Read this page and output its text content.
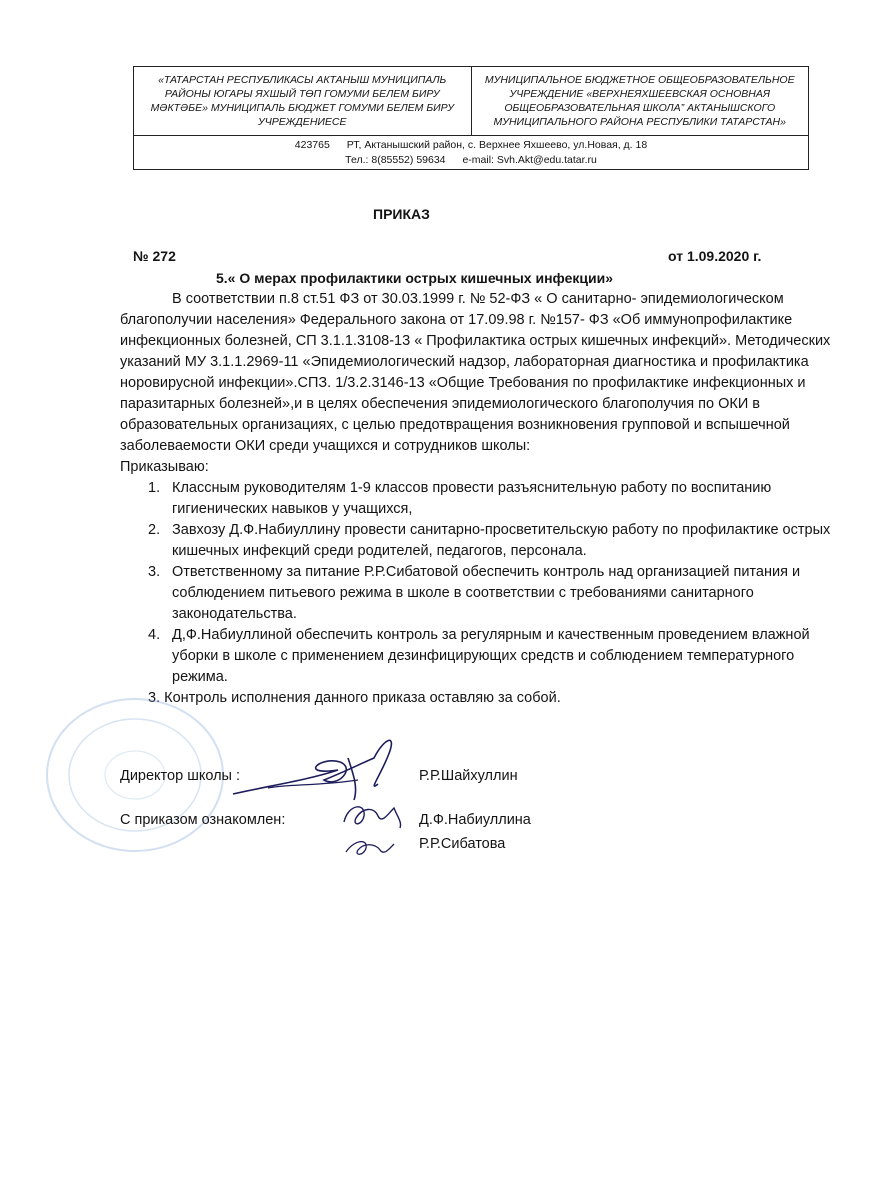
«ТАТАРСТАН РЕСПУБЛИКАСЫ АКТАНЫШ МУНИЦИПАЛЬ РАЙОНЫ ЮГАРЫ ЯХШЫЙ ТӨП ГОМУМИ БЕЛЕМ БИРУ МӘКТӘБЕ» МУНИЦИПАЛЬ БЮДЖЕТ ГОМУМИ БЕЛЕМ БИРУ УЧРЕЖДЕНИЕСЕ
МУНИЦИПАЛЬНОЕ БЮДЖЕТНОЕ ОБЩЕОБРАЗОВАТЕЛЬНОЕ УЧРЕЖДЕНИЕ «ВЕРХНЕЯХШЕЕВСКАЯ ОСНОВНАЯ ОБЩЕОБРАЗОВАТЕЛЬНАЯ ШКОЛА” АКТАНЫШСКОГО МУНИЦИПАЛЬНОГО РАЙОНА РЕСПУБЛИКИ ТАТАРСТАН»
423765 РТ, Актанышский район, с. Верхнее Яхшеево, ул.Новая, д. 18
Тел.: 8(85552) 59634 e-mail: Svh.Akt@edu.tatar.ru
ПРИКАЗ
№ 272	от 1.09.2020 г.
5.« О мерах профилактики острых кишечных инфекции»

В соответствии п.8 ст.51 ФЗ от 30.03.1999 г. № 52-ФЗ « О санитарно- эпидемиологическом благополучии населения» Федерального закона от 17.09.98 г. №157- ФЗ «Об иммунопрофилактике инфекционных болезней, СП 3.1.1.3108-13 « Профилактика острых кишечных инфекций». Методических указаний МУ 3.1.1.2969-11 «Эпидемиологический надзор, лабораторная диагностика и профилактика норовирусной инфекции».СПЗ. 1/3.2.3146-13 «Общие Требования по профилактике инфекционных и паразитарных болезней»,и в целях обеспечения эпидемиологического благополучия по ОКИ в образовательных организациях, с целью предотвращения возникновения групповой и вспышечной заболеваемости ОКИ среди учащихся и сотрудников школы:

Приказываю:

1. Классным руководителям 1-9 классов провести разъяснительную работу по воспитанию гигиенических навыков у учащихся,
2. Завхозу Д.Ф.Набиуллину провести санитарно-просветительскую работу по профилактике острых кишечных инфекций среди родителей, педагогов, персонала.
3. Ответственному за питание Р.Р.Сибатовой обеспечить контроль над организацией питания и соблюдением питьевого режима в школе в соответствии с требованиями санитарного законодательства.
4. Д,Ф.Набиуллиной обеспечить контроль за регулярным и качественным проведением влажной уборки в школе с применением дезинфицирующих средств и соблюдением температурного режима.

3. Контроль исполнения данного приказа оставляю за собой.

Директор школы :	Р.Р.Шайхуллин
С приказом ознакомлен:	Д.Ф.Набиуллина
Р.Р.Сибатова
